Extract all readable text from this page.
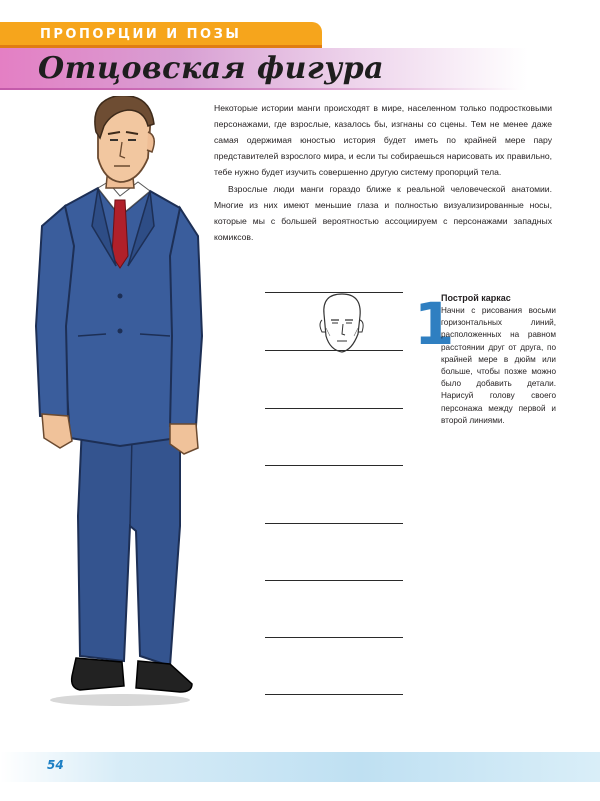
ПРОПОРЦИИ И ПОЗЫ
Отцовская фигура

Некоторые истории манги происходят в мире, населенном только подростковыми персонажами, где взрослые, казалось бы, изгнаны со сцены. Тем не менее даже самая одержимая юностью история будет иметь по крайней мере пару представителей взрослого мира, и если ты собираешься нарисовать их правильно, тебе нужно будет изучить совершенно другую систему пропорций тела.

Взрослые люди манги гораздо ближе к реальной человеческой анатомии. Многие из них имеют меньшие глаза и полностью визуализированные носы, которые мы с большей вероятностью ассоциируем с персонажами западных комиксов.

1
Построй каркас
Начни с рисования восьми горизонтальных линий, расположенных на равном расстоянии друг от друга, по крайней мере в дюйм или больше, чтобы позже можно было добавить детали. Нарисуй голову своего персонажа между первой и второй линиями.
54
